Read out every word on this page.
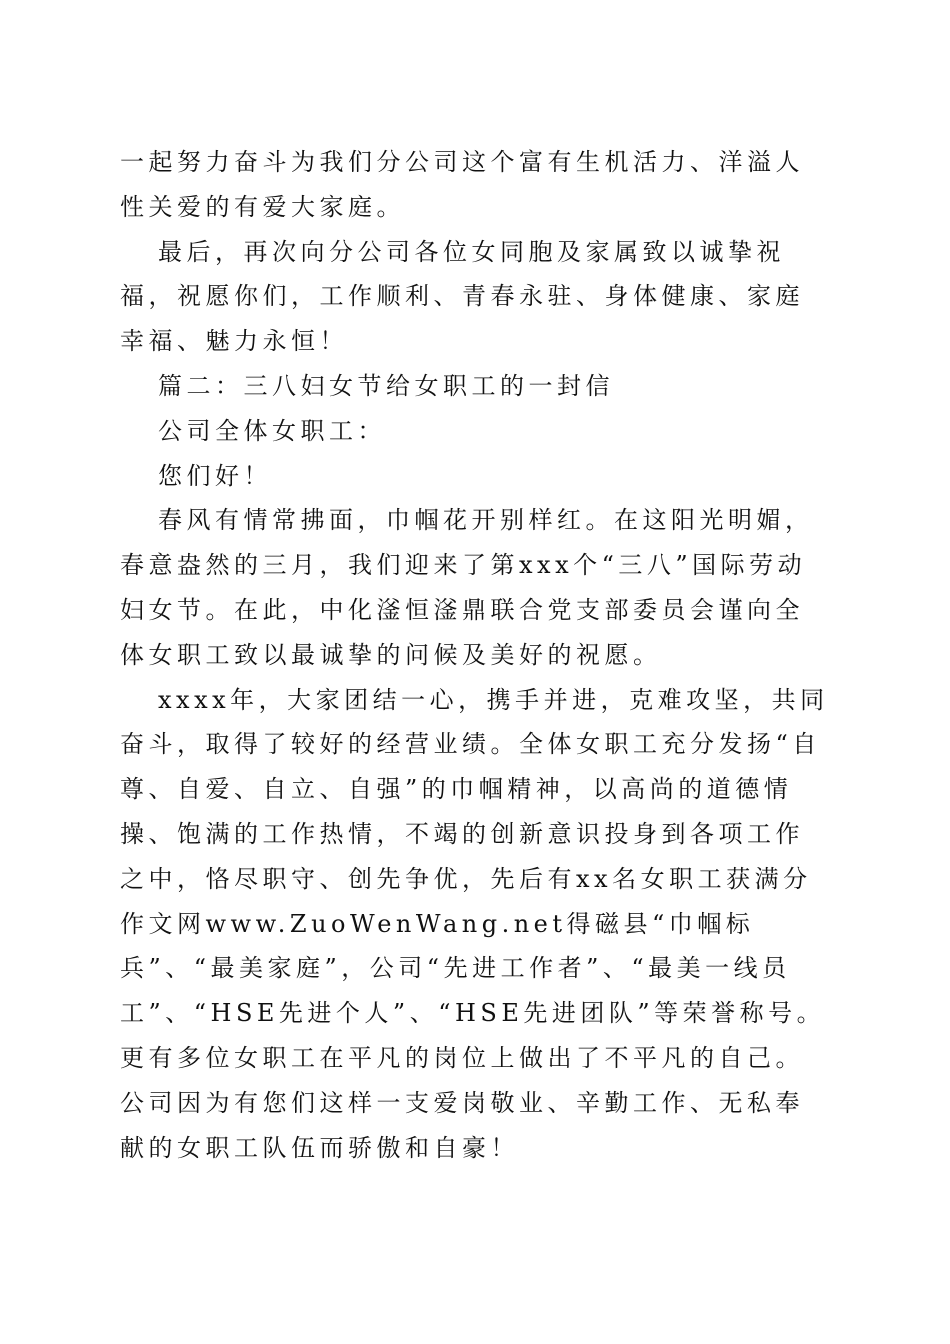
一起努力奋斗为我们分公司这个富有生机活力、洋溢人性关爱的有爱大家庭。

最后，再次向分公司各位女同胞及家属致以诚挚祝福，祝愿你们，工作顺利、青春永驻、身体健康、家庭幸福、魅力永恒！

篇二：三八妇女节给女职工的一封信

公司全体女职工：

您们好！

春风有情常拂面，巾帼花开别样红。在这阳光明媚，春意盎然的三月，我们迎来了第xxx个“三八”国际劳动妇女节。在此，中化滏恒滏鼎联合党支部委员会谨向全体女职工致以最诚挚的问候及美好的祝愿。

xxxx年，大家团结一心，携手并进，克难攻坚，共同奋斗，取得了较好的经营业绩。全体女职工充分发扬“自尊、自爱、自立、自强”的巾帼精神，以高尚的道德情操、饱满的工作热情，不竭的创新意识投身到各项工作之中，恪尽职守、创先争优，先后有xx名女职工获满分作文网www.ZuoWenWang.net得磁县“巾帼标兵”、“最美家庭”，公司“先进工作者”、“最美一线员工”、“HSE先进个人”、“HSE先进团队”等荣誉称号。更有多位女职工在平凡的岗位上做出了不平凡的自己。公司因为有您们这样一支爱岗敬业、辛勤工作、无私奉献的女职工队伍而骄傲和自豪！
